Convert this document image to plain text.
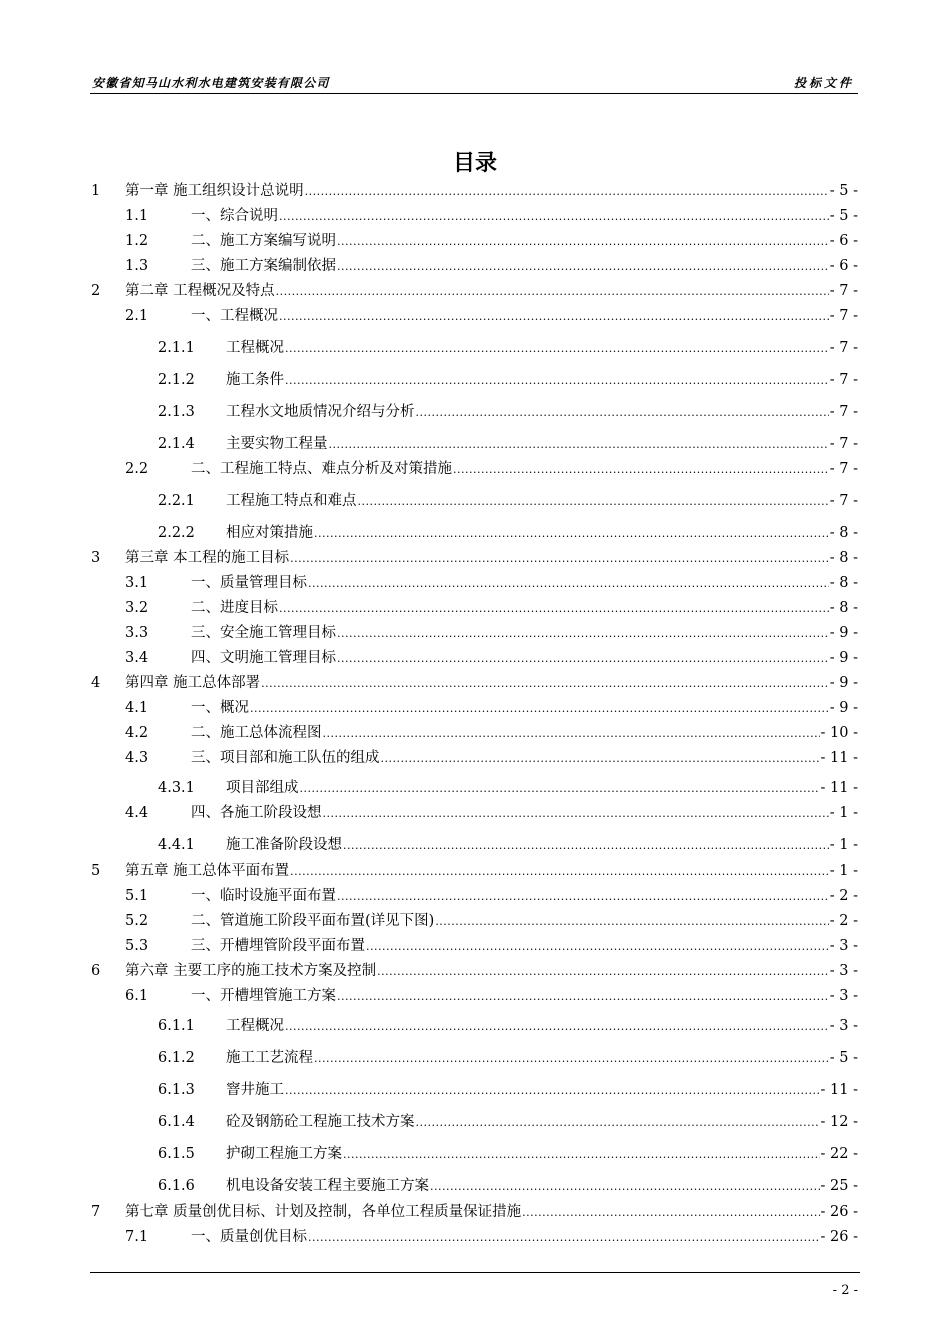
安徽省知马山水利水电建筑安装有限公司	投标文件
目录
1 第一章 施工组织设计总说明 .....	- 5 -
1.1	一、综合说明 .....	- 5 -
1.2	二、施工方案编写说明 .....	- 6 -
1.3	三、施工方案编制依据 .....	- 6 -
2 第二章 工程概况及特点 .....	- 7 -
2.1	一、工程概况 .....	- 7 -
2.1.1 工程概况 .....	- 7 -
2.1.2 施工条件 .....	- 7 -
2.1.3 工程水文地质情况介绍与分析 .....	- 7 -
2.1.4 主要实物工程量 .....	- 7 -
2.2	二、工程施工特点、难点分析及对策措施 .....	- 7 -
2.2.1 工程施工特点和难点 .....	- 7 -
2.2.2 相应对策措施 .....	- 8 -
3 第三章 本工程的施工目标 .....	- 8 -
3.1	一、质量管理目标 .....	- 8 -
3.2	二、进度目标 .....	- 8 -
3.3	三、安全施工管理目标 .....	- 9 -
3.4	四、文明施工管理目标 .....	- 9 -
4 第四章 施工总体部署 .....	- 9 -
4.1	一、概况 .....	- 9 -
4.2	二、施工总体流程图 .....	- 10 -
4.3	三、项目部和施工队伍的组成 .....	- 11 -
4.3.1 项目部组成 .....	- 11 -
4.4	四、各施工阶段设想 .....	- 1 -
4.4.1 施工准备阶段设想 .....	- 1 -
5 第五章 施工总体平面布置 .....	- 1 -
5.1	一、临时设施平面布置 .....	- 2 -
5.2	二、管道施工阶段平面布置(详见下图) .....	- 2 -
5.3	三、开槽埋管阶段平面布置 .....	- 3 -
6 第六章 主要工序的施工技术方案及控制 .....	- 3 -
6.1	一、开槽埋管施工方案 .....	- 3 -
6.1.1 工程概况 .....	- 3 -
6.1.2 施工工艺流程 .....	- 5 -
6.1.3 窨井施工 .....	- 11 -
6.1.4 砼及钢筋砼工程施工技术方案 .....	- 12 -
6.1.5 护砌工程施工方案 .....	- 22 -
6.1.6 机电设备安装工程主要施工方案 .....	- 25 -
7 第七章 质量创优目标、计划及控制，各单位工程质量保证措施 .....	- 26 -
7.1	一、质量创优目标 .....	- 26 -
- 2 -
